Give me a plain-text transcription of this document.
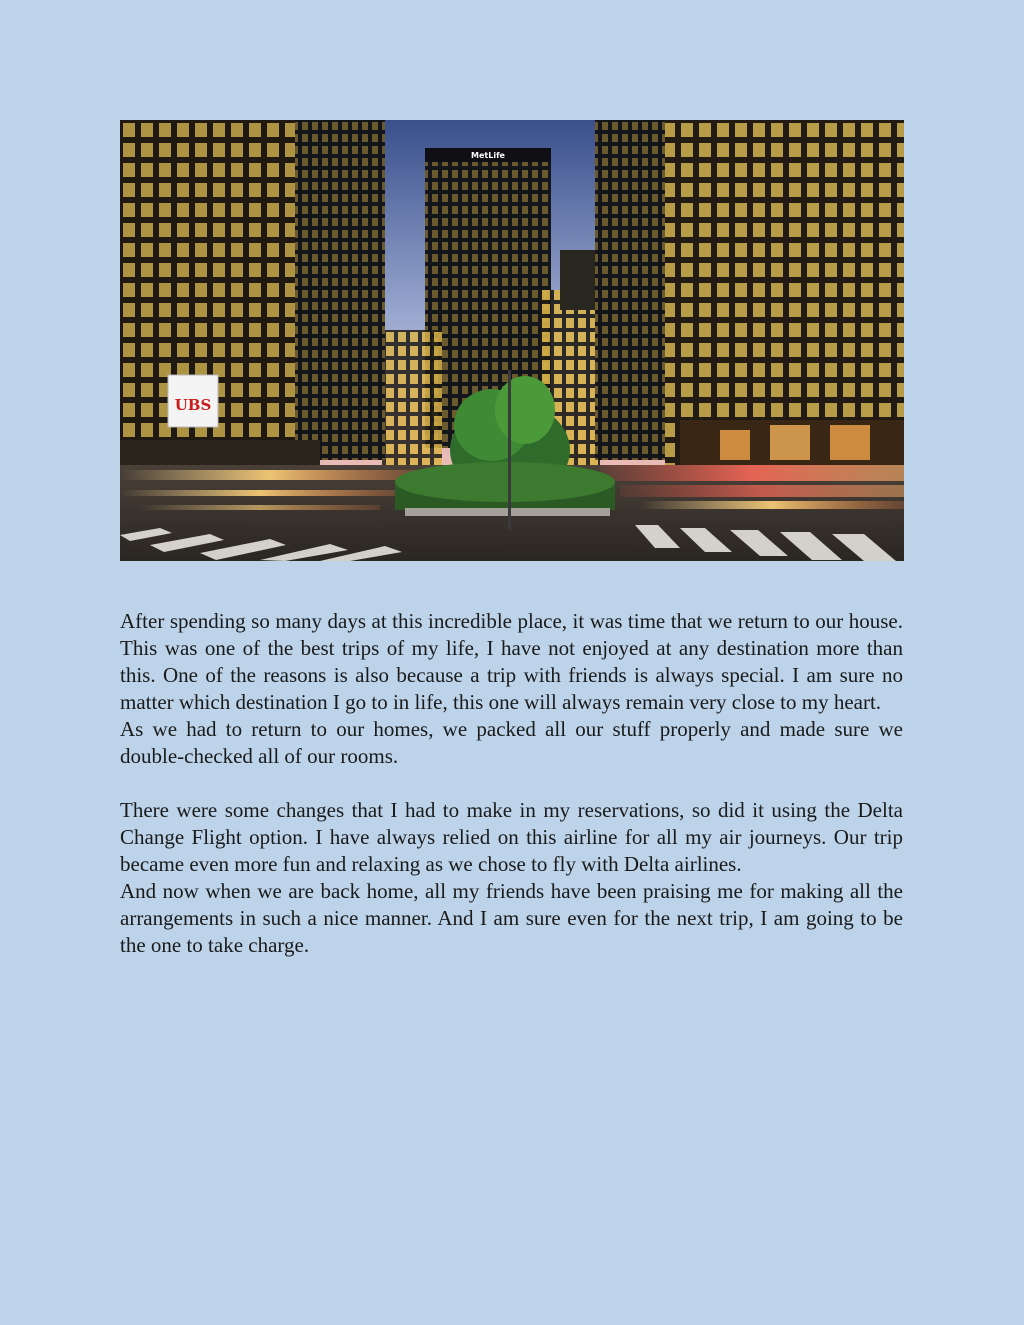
MetLife
UBS

After spending so many days at this incredible place, it was time that we return to our house. This was one of the best trips of my life, I have not enjoyed at any destination more than this. One of the reasons is also because a trip with friends is always special. I am sure no matter which destination I go to in life, this one will always remain very close to my heart.

As we had to return to our homes, we packed all our stuff properly and made sure we double-checked all of our rooms.

There were some changes that I had to make in my reservations, so did it using the Delta Change Flight option. I have always relied on this airline for all my air journeys. Our trip became even more fun and relaxing as we chose to fly with Delta airlines.

And now when we are back home, all my friends have been praising me for making all the arrangements in such a nice manner. And I am sure even for the next trip, I am going to be the one to take charge.
